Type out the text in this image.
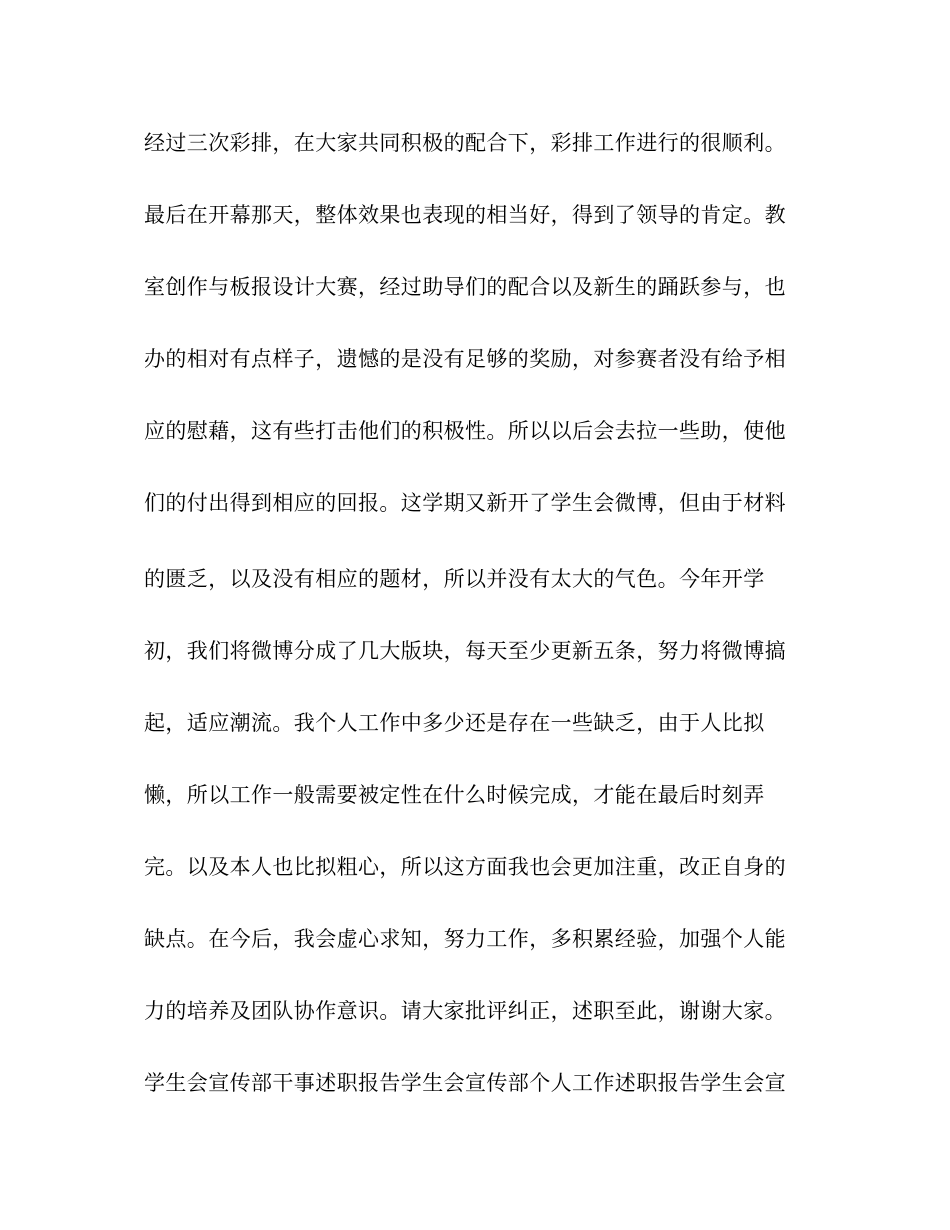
经过三次彩排，在大家共同积极的配合下，彩排工作进行的很顺利。
最后在开幕那天，整体效果也表现的相当好，得到了领导的肯定。教
室创作与板报设计大赛，经过助导们的配合以及新生的踊跃参与，也
办的相对有点样子，遗憾的是没有足够的奖励，对参赛者没有给予相
应的慰藉，这有些打击他们的积极性。所以以后会去拉一些助，使他
们的付出得到相应的回报。这学期又新开了学生会微博，但由于材料
的匮乏，以及没有相应的题材，所以并没有太大的气色。今年开学
初，我们将微博分成了几大版块，每天至少更新五条，努力将微博搞
起，适应潮流。我个人工作中多少还是存在一些缺乏，由于人比拟
懒，所以工作一般需要被定性在什么时候完成，才能在最后时刻弄
完。以及本人也比拟粗心，所以这方面我也会更加注重，改正自身的
缺点。在今后，我会虚心求知，努力工作，多积累经验，加强个人能
力的培养及团队协作意识。请大家批评纠正，述职至此，谢谢大家。
学生会宣传部干事述职报告学生会宣传部个人工作述职报告学生会宣
